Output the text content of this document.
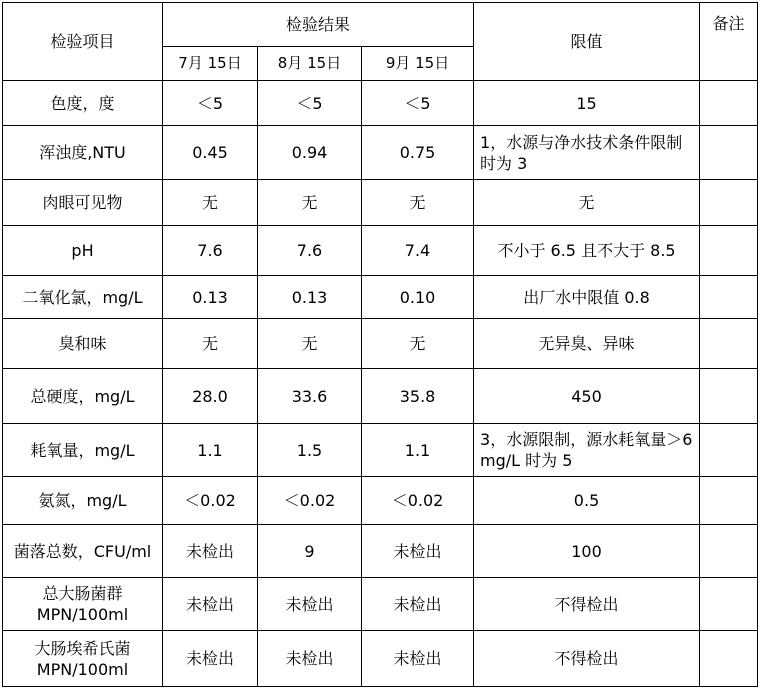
检验项目	检验结果			限值	备注
	7月 15日	8月 15日	9月 15日		
色度，度	＜5	＜5	＜5	15	
浑浊度,NTU	0.45	0.94	0.75	1，水源与净水技术条件限制时为 3	
肉眼可见物	无	无	无	无	
pH	7.6	7.6	7.4	不小于 6.5 且不大于 8.5	
二氧化氯，mg/L	0.13	0.13	0.10	出厂水中限值 0.8	
臭和味	无	无	无	无异臭、异味	
总硬度，mg/L	28.0	33.6	35.8	450	
耗氧量，mg/L	1.1	1.5	1.1	3，水源限制，源水耗氧量＞6 mg/L 时为 5	
氨氮，mg/L	＜0.02	＜0.02	＜0.02	0.5	
菌落总数，CFU/ml	未检出	9	未检出	100	
总大肠菌群 MPN/100ml	未检出	未检出	未检出	不得检出	
大肠埃希氏菌 MPN/100ml	未检出	未检出	未检出	不得检出	
